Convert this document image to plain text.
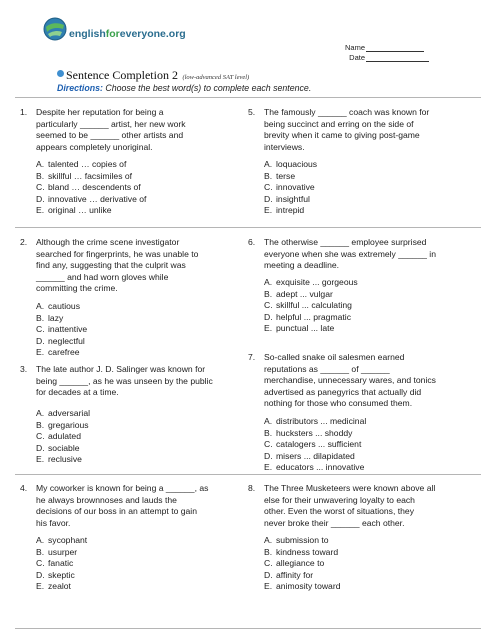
englishforeveryone.org
Name
Date
Sentence Completion 2 (low-advanced SAT level)
Directions: Choose the best word(s) to complete each sentence.
1. Despite her reputation for being a
particularly ______ artist, her new work
seemed to be ______ other artists and
appears completely unoriginal.
A. talented … copies of
B. skillful … facsimiles of
C. bland … descendents of
D. innovative … derivative of
E. original … unlike
2. Although the crime scene investigator
searched for fingerprints, he was unable to
find any, suggesting that the culprit was
______ and had worn gloves while
committing the crime.
A. cautious
B. lazy
C. inattentive
D. neglectful
E. carefree
3. The late author J. D. Salinger was known for
being ______, as he was unseen by the public
for decades at a time.
A. adversarial
B. gregarious
C. adulated
D. sociable
E. reclusive
4. My coworker is known for being a ______, as
he always brownnoses and lauds the
decisions of our boss in an attempt to gain
his favor.
A. sycophant
B. usurper
C. fanatic
D. skeptic
E. zealot
5. The famously ______ coach was known for
being succinct and erring on the side of
brevity when it came to giving post-game
interviews.
A. loquacious
B. terse
C. innovative
D. insightful
E. intrepid
6. The otherwise ______ employee surprised
everyone when she was extremely ______ in
meeting a deadline.
A. exquisite ... gorgeous
B. adept ... vulgar
C. skillful ... calculating
D. helpful ... pragmatic
E. punctual ... late
7. So-called snake oil salesmen earned
reputations as ______ of ______
merchandise, unnecessary wares, and tonics
advertised as panegyrics that actually did
nothing for those who consumed them.
A. distributors ... medicinal
B. hucksters ... shoddy
C. catalogers ... sufficient
D. misers ... dilapidated
E. educators ... innovative
8. The Three Musketeers were known above all
else for their unwavering loyalty to each
other. Even the worst of situations, they
never broke their ______ each other.
A. submission to
B. kindness toward
C. allegiance to
D. affinity for
E. animosity toward
